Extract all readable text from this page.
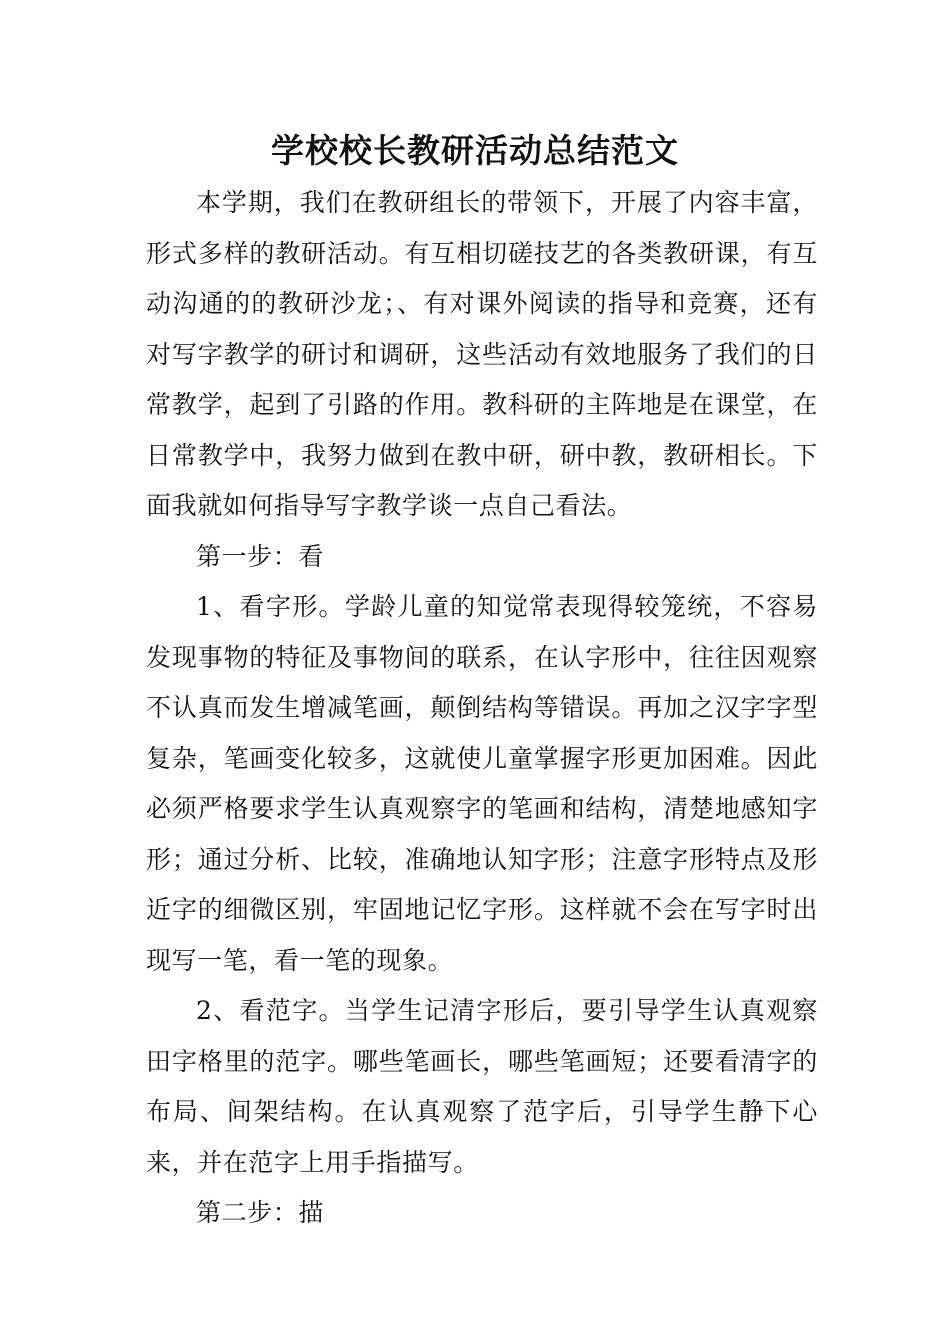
学校校长教研活动总结范文

本学期，我们在教研组长的带领下，开展了内容丰富，形式多样的教研活动。有互相切磋技艺的各类教研课，有互动沟通的的教研沙龙；、有对课外阅读的指导和竞赛，还有对写字教学的研讨和调研，这些活动有效地服务了我们的日常教学，起到了引路的作用。教科研的主阵地是在课堂，在日常教学中，我努力做到在教中研，研中教，教研相长。下面我就如何指导写字教学谈一点自己看法。

第一步：看

1、看字形。学龄儿童的知觉常表现得较笼统，不容易发现事物的特征及事物间的联系，在认字形中，往往因观察不认真而发生增减笔画，颠倒结构等错误。再加之汉字字型复杂，笔画变化较多，这就使儿童掌握字形更加困难。因此必须严格要求学生认真观察字的笔画和结构，清楚地感知字形；通过分析、比较，准确地认知字形；注意字形特点及形近字的细微区别，牢固地记忆字形。这样就不会在写字时出现写一笔，看一笔的现象。

2、看范字。当学生记清字形后，要引导学生认真观察田字格里的范字。哪些笔画长，哪些笔画短；还要看清字的布局、间架结构。在认真观察了范字后，引导学生静下心来，并在范字上用手指描写。

第二步：描
